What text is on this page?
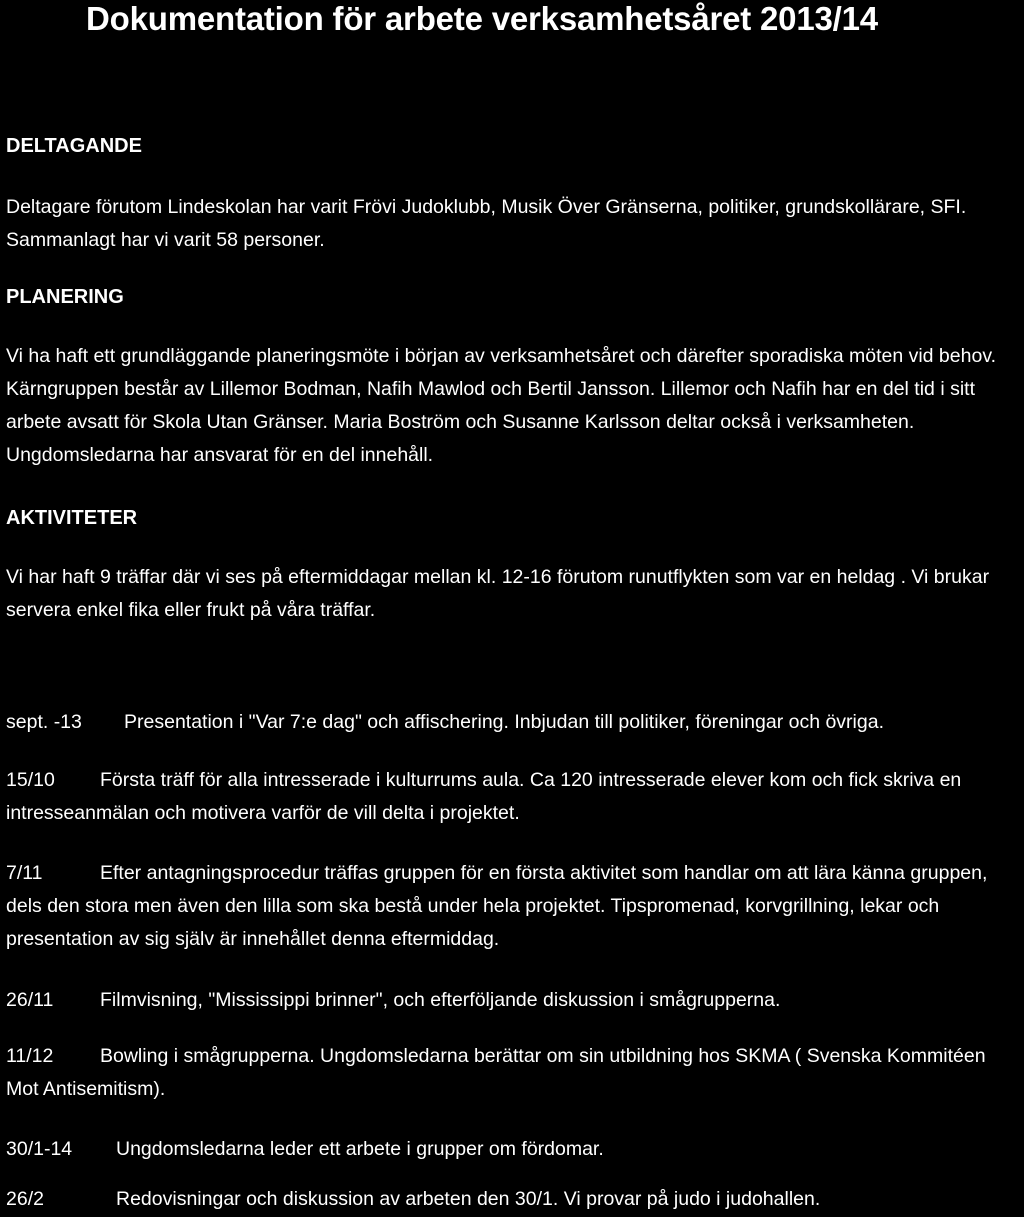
Dokumentation för arbete verksamhetsåret 2013/14
DELTAGANDE

Deltagare förutom Lindeskolan har varit Frövi Judoklubb, Musik Över Gränserna, politiker, grundskollärare, SFI. Sammanlagt har vi varit 58 personer.

PLANERING

Vi ha haft ett grundläggande planeringsmöte i början av verksamhetsåret och därefter sporadiska möten vid behov. Kärngruppen består av Lillemor Bodman, Nafih Mawlod och Bertil Jansson. Lillemor och Nafih har en del tid i sitt arbete avsatt för Skola Utan Gränser. Maria Boström och Susanne Karlsson deltar också i verksamheten. Ungdomsledarna har ansvarat för en del innehåll.

AKTIVITETER

Vi har haft 9 träffar där vi ses på eftermiddagar mellan kl. 12-16 förutom runutflykten som var en heldag . Vi brukar servera enkel fika eller frukt på våra träffar.

sept. -13 Presentation i "Var 7:e dag" och affischering. Inbjudan till politiker, föreningar och övriga.

15/10 Första träff för alla intresserade i kulturrums aula. Ca 120 intresserade elever kom och fick skriva en intresseanmälan och motivera varför de vill delta i projektet.

7/11	Efter antagningsprocedur träffas gruppen för en första aktivitet som handlar om att lära känna gruppen, dels den stora men även den lilla som ska bestå under hela projektet. Tipspromenad, korvgrillning, lekar och presentation av sig själv är innehållet denna eftermiddag.

26/11 Filmvisning, "Mississippi brinner", och efterföljande diskussion i smågrupperna.

11/12 Bowling i smågrupperna. Ungdomsledarna berättar om sin utbildning hos SKMA ( Svenska Kommitéen Mot Antisemitism).

30/1-14 Ungdomsledarna leder ett arbete i grupper om fördomar.

26/2	Redovisningar och diskussion av arbeten den 30/1. Vi provar på judo i judohallen.
